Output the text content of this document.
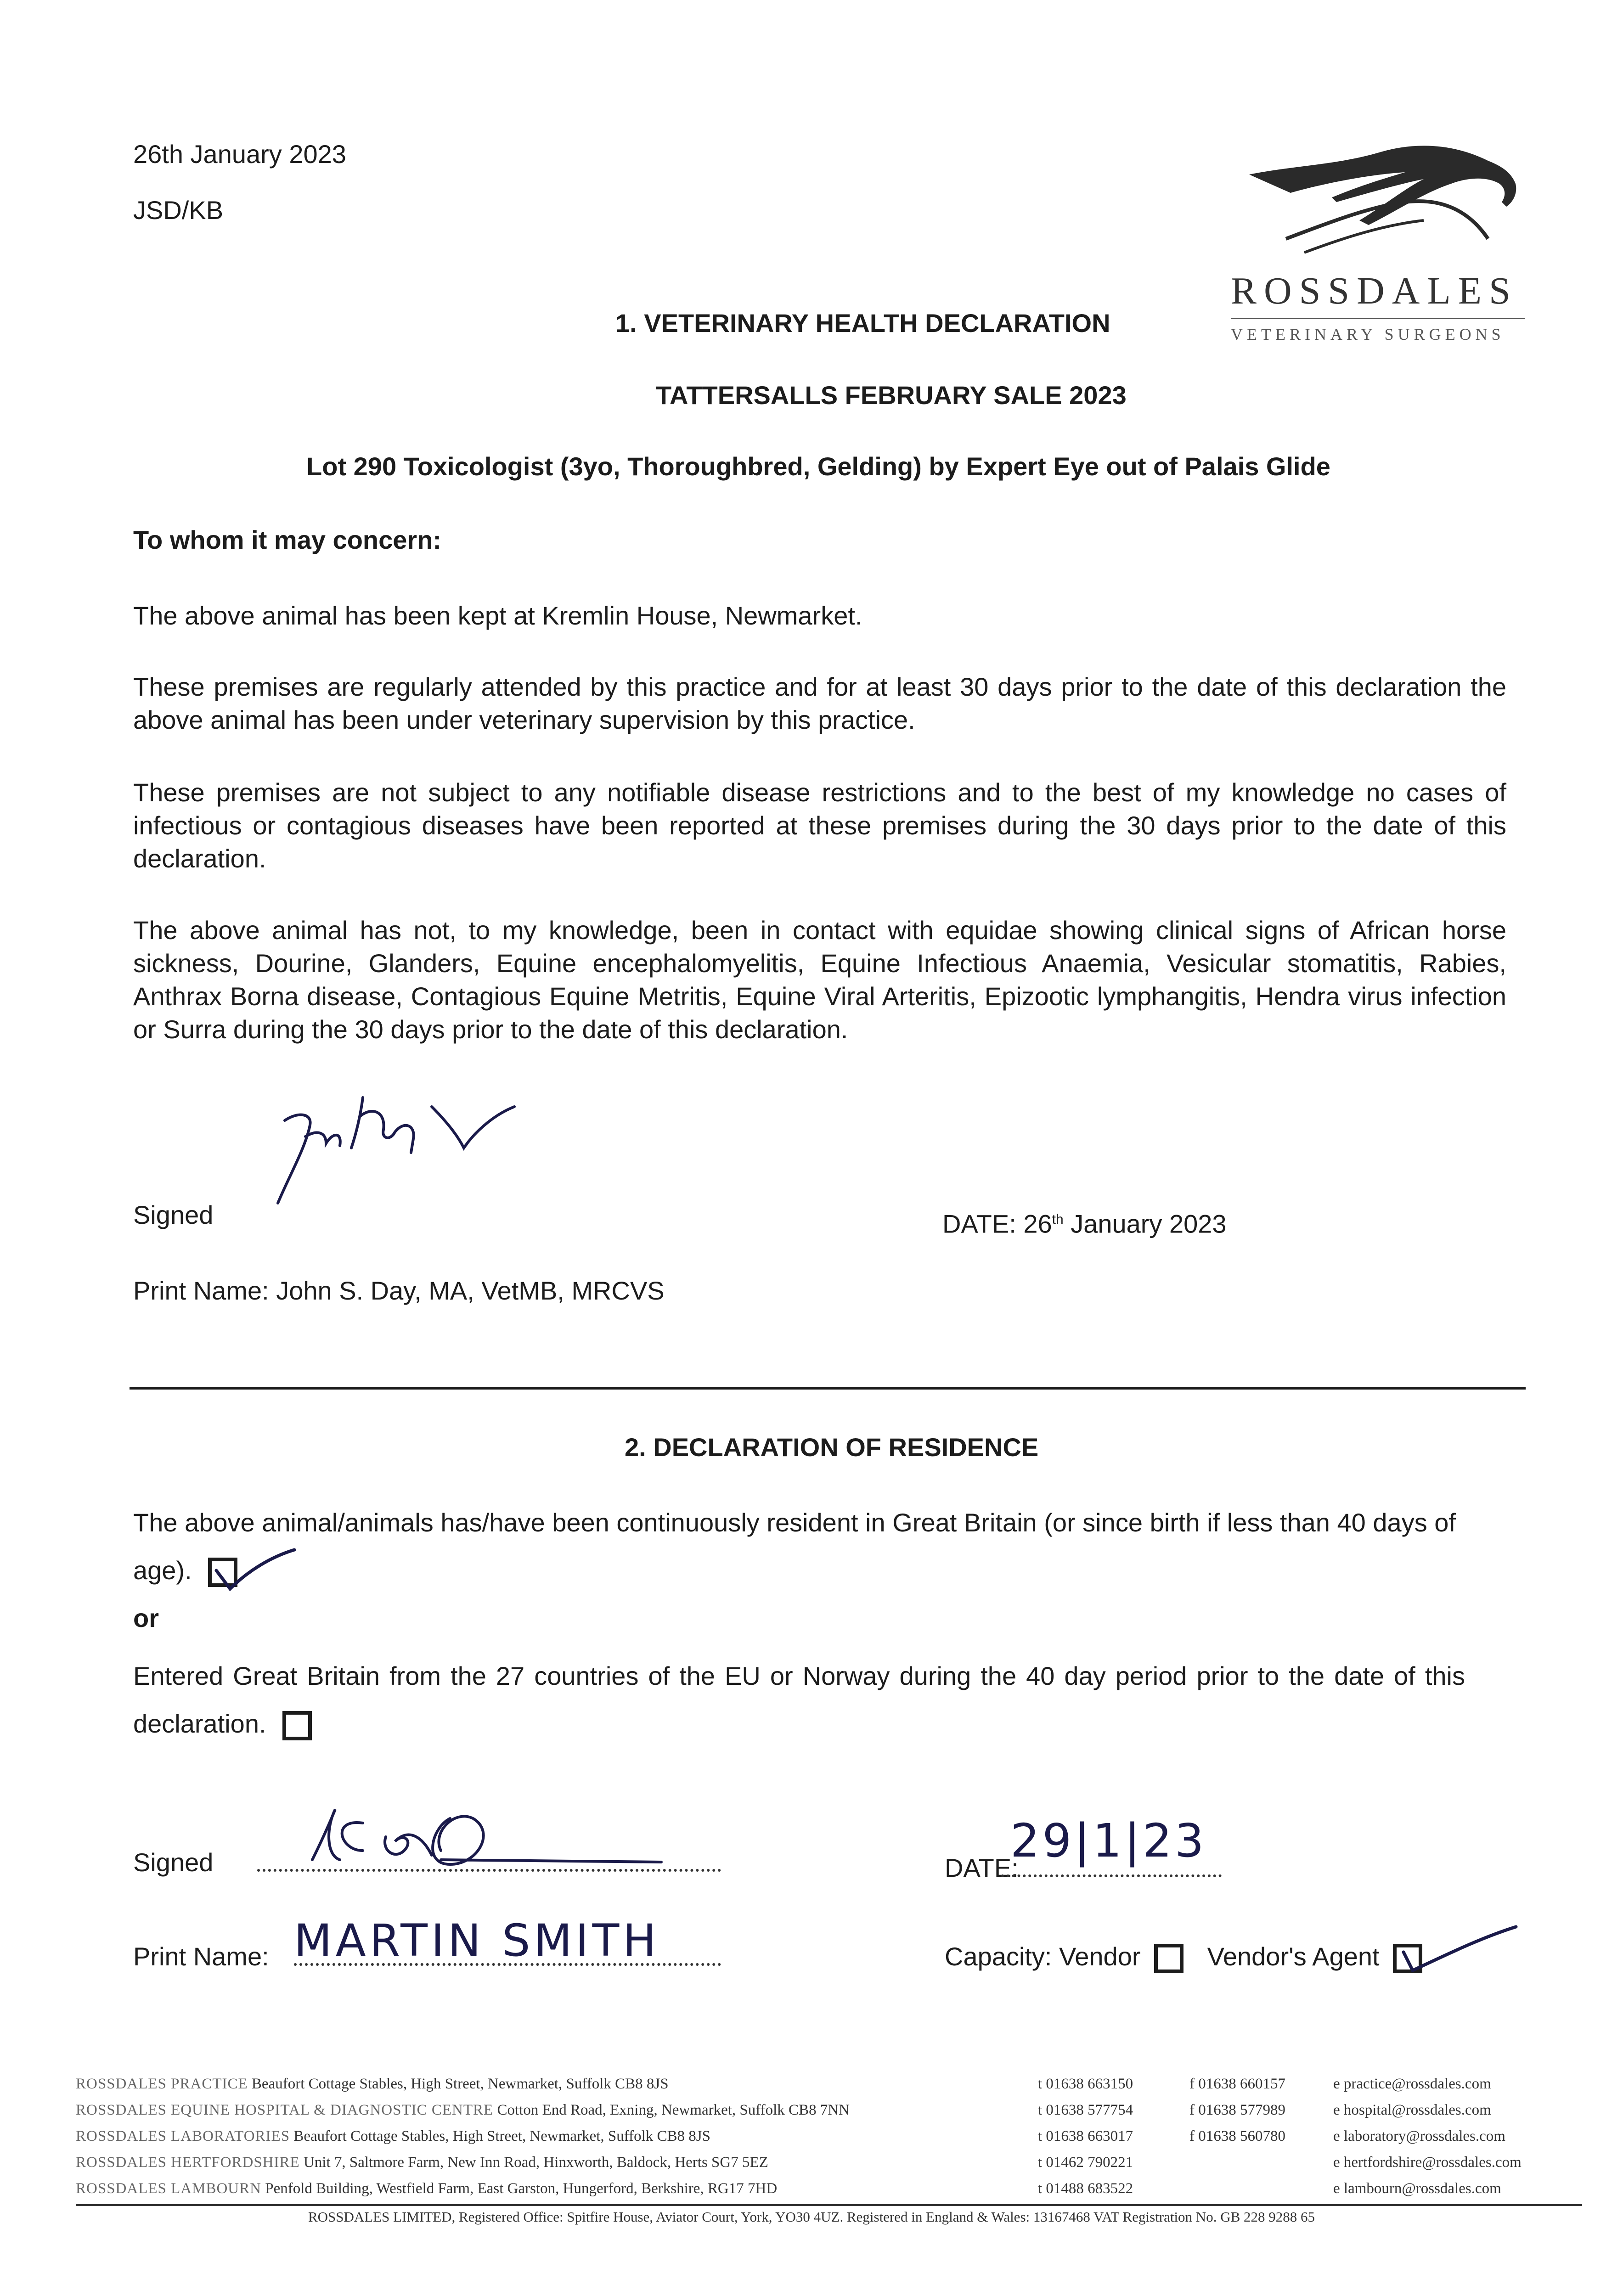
26th January 2023
JSD/KB
ROSSDALES
VETERINARY SURGEONS
1. VETERINARY HEALTH DECLARATION
TATTERSALLS FEBRUARY SALE 2023
Lot 290 Toxicologist (3yo, Thoroughbred, Gelding) by Expert Eye out of Palais Glide
To whom it may concern:
The above animal has been kept at Kremlin House, Newmarket.
These premises are regularly attended by this practice and for at least 30 days prior to the date of this declaration the above animal has been under veterinary supervision by this practice.
These premises are not subject to any notifiable disease restrictions and to the best of my knowledge no cases of infectious or contagious diseases have been reported at these premises during the 30 days prior to the date of this declaration.
The above animal has not, to my knowledge, been in contact with equidae showing clinical signs of African horse sickness, Dourine, Glanders, Equine encephalomyelitis, Equine Infectious Anaemia, Vesicular stomatitis, Rabies, Anthrax Borna disease, Contagious Equine Metritis, Equine Viral Arteritis, Epizootic lymphangitis, Hendra virus infection or Surra during the 30 days prior to the date of this declaration.
Signed	DATE: 26th January 2023
Print Name: John S. Day, MA, VetMB, MRCVS
2. DECLARATION OF RESIDENCE
The above animal/animals has/have been continuously resident in Great Britain (or since birth if less than 40 days of age).
or
Entered Great Britain from the 27 countries of the EU or Norway during the 40 day period prior to the date of this declaration.
Signed	DATE:
29|1|23
Print Name: MARTIN SMITH	Capacity: Vendor	Vendor's Agent
ROSSDALES PRACTICE Beaufort Cottage Stables, High Street, Newmarket, Suffolk CB8 8JS	t 01638 663150	f 01638 660157	e practice@rossdales.com
ROSSDALES EQUINE HOSPITAL & DIAGNOSTIC CENTRE Cotton End Road, Exning, Newmarket, Suffolk CB8 7NN	t 01638 577754	f 01638 577989	e hospital@rossdales.com
ROSSDALES LABORATORIES Beaufort Cottage Stables, High Street, Newmarket, Suffolk CB8 8JS	t 01638 663017	f 01638 560780	e laboratory@rossdales.com
ROSSDALES HERTFORDSHIRE Unit 7, Saltmore Farm, New Inn Road, Hinxworth, Baldock, Herts SG7 5EZ	t 01462 790221	e hertfordshire@rossdales.com
ROSSDALES LAMBOURN Penfold Building, Westfield Farm, East Garston, Hungerford, Berkshire, RG17 7HD	t 01488 683522	e lambourn@rossdales.com
ROSSDALES LIMITED, Registered Office: Spitfire House, Aviator Court, York, YO30 4UZ. Registered in England & Wales: 13167468 VAT Registration No. GB 228 9288 65
